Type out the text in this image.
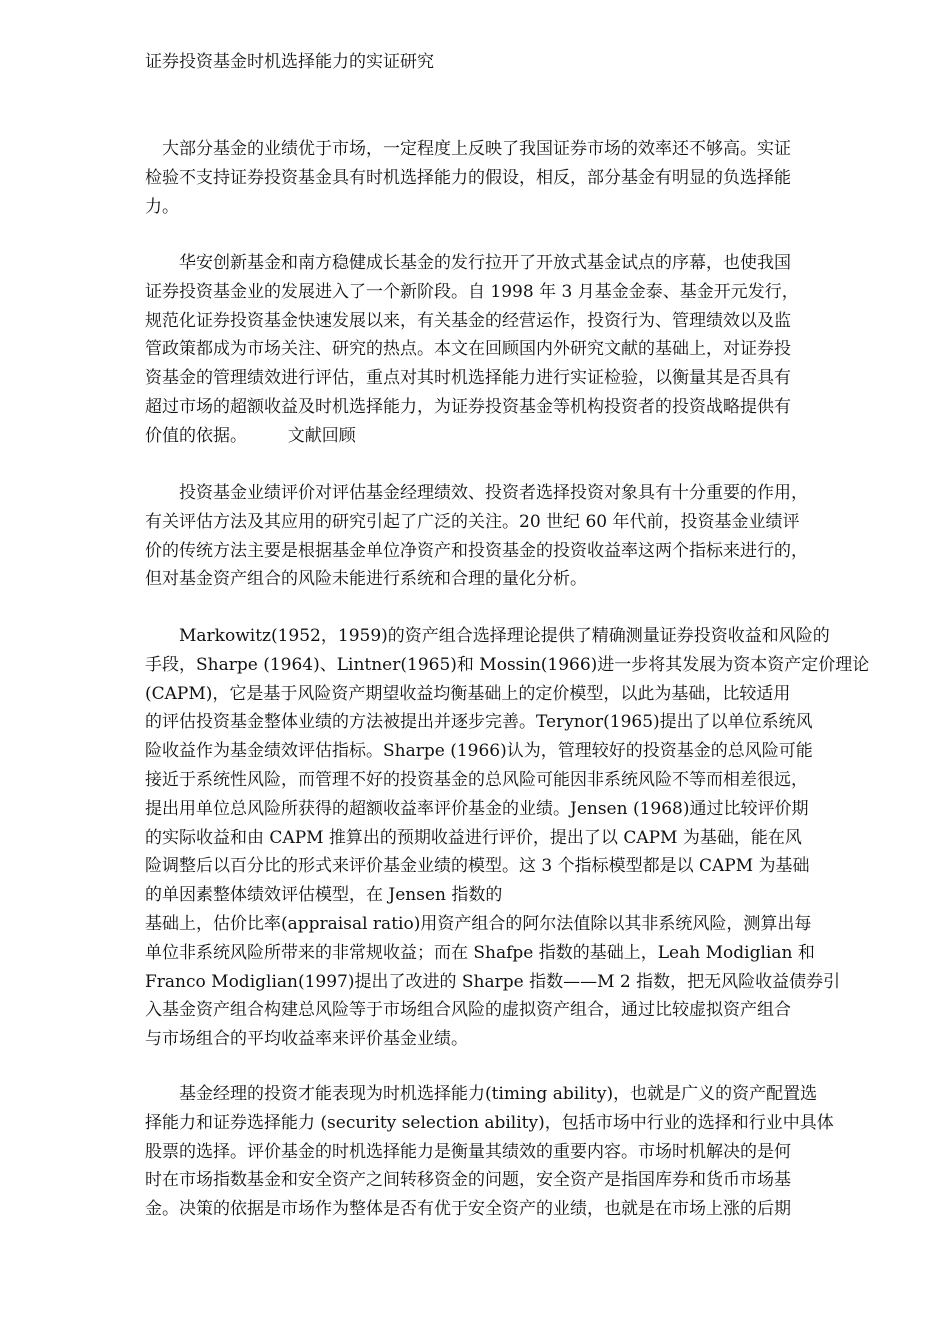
证券投资基金时机选择能力的实证研究

　大部分基金的业绩优于市场，一定程度上反映了我国证券市场的效率还不够高。实证
检验不支持证券投资基金具有时机选择能力的假设，相反，部分基金有明显的负选择能
力。

　　华安创新基金和南方稳健成长基金的发行拉开了开放式基金试点的序幕，也使我国
证券投资基金业的发展进入了一个新阶段。自 1998 年 3 月基金金泰、基金开元发行，
规范化证券投资基金快速发展以来，有关基金的经营运作，投资行为、管理绩效以及监
管政策都成为市场关注、研究的热点。本文在回顾国内外研究文献的基础上，对证券投
资基金的管理绩效进行评估，重点对其时机选择能力进行实证检验，以衡量其是否具有
超过市场的超额收益及时机选择能力，为证券投资基金等机构投资者的投资战略提供有
价值的依据。 文献回顾

　　投资基金业绩评价对评估基金经理绩效、投资者选择投资对象具有十分重要的作用，
有关评估方法及其应用的研究引起了广泛的关注。20 世纪 60 年代前，投资基金业绩评
价的传统方法主要是根据基金单位净资产和投资基金的投资收益率这两个指标来进行的，
但对基金资产组合的风险未能进行系统和合理的量化分析。

　　Markowitz(1952，1959)的资产组合选择理论提供了精确测量证券投资收益和风险的
手段，Sharpe (1964)、Lintner(1965)和 Mossin(1966)进一步将其发展为资本资产定价理论
(CAPM)，它是基于风险资产期望收益均衡基础上的定价模型，以此为基础，比较适用
的评估投资基金整体业绩的方法被提出并逐步完善。Terynor(1965)提出了以单位系统风
险收益作为基金绩效评估指标。Sharpe (1966)认为，管理较好的投资基金的总风险可能
接近于系统性风险，而管理不好的投资基金的总风险可能因非系统风险不等而相差很远，
提出用单位总风险所获得的超额收益率评价基金的业绩。Jensen (1968)通过比较评价期
的实际收益和由 CAPM 推算出的预期收益进行评价，提出了以 CAPM 为基础，能在风
险调整后以百分比的形式来评价基金业绩的模型。这 3 个指标模型都是以 CAPM 为基础
的单因素整体绩效评估模型，在 Jensen 指数的
基础上，估价比率(appraisal ratio)用资产组合的阿尔法值除以其非系统风险，测算出每
单位非系统风险所带来的非常规收益；而在 Shafpe 指数的基础上，Leah Modiglian 和
Franco Modiglian(1997)提出了改进的 Sharpe 指数——M 2 指数，把无风险收益债券引
入基金资产组合构建总风险等于市场组合风险的虚拟资产组合，通过比较虚拟资产组合
与市场组合的平均收益率来评价基金业绩。

　　基金经理的投资才能表现为时机选择能力(timing ability)，也就是广义的资产配置选
择能力和证券选择能力 (security selection ability)，包括市场中行业的选择和行业中具体
股票的选择。评价基金的时机选择能力是衡量其绩效的重要内容。市场时机解决的是何
时在市场指数基金和安全资产之间转移资金的问题，安全资产是指国库券和货币市场基
金。决策的依据是市场作为整体是否有优于安全资产的业绩，也就是在市场上涨的后期
